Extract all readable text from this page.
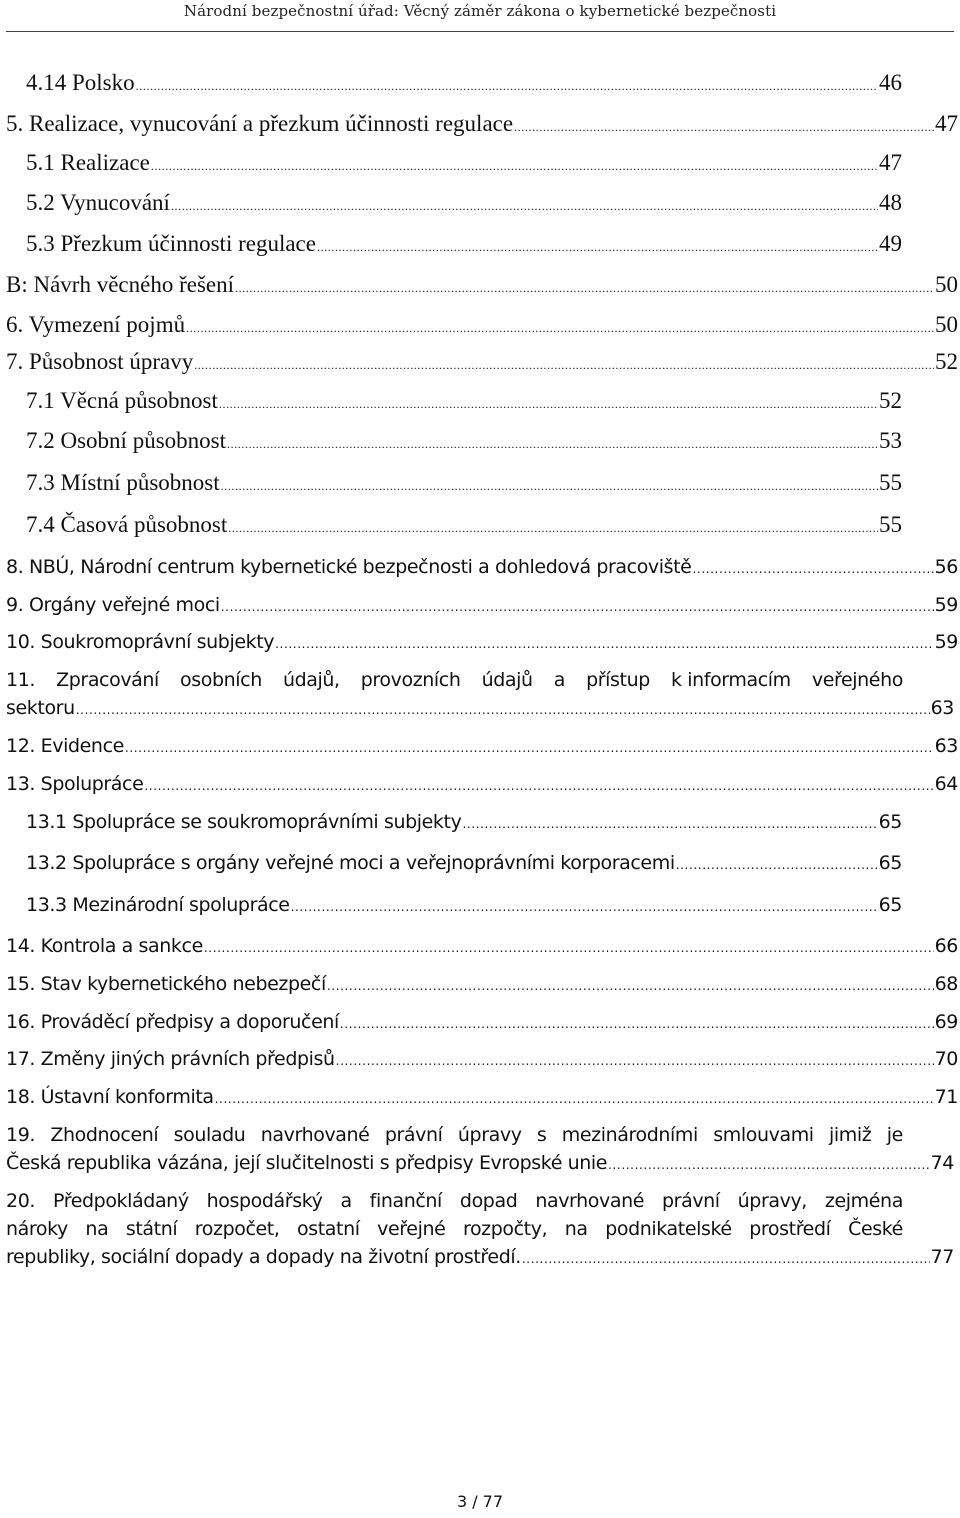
Národní bezpečnostní úřad: Věcný záměr zákona o kybernetické bezpečnosti
4.14 Polsko .....	46
5. Realizace, vynucování a přezkum účinnosti regulace .....	47
5.1 Realizace .....	47
5.2 Vynucování .....	48
5.3 Přezkum účinnosti regulace .....	49
B: Návrh věcného řešení .....	50
6. Vymezení pojmů .....	50
7. Působnost úpravy .....	52
7.1 Věcná působnost .....	52
7.2 Osobní působnost .....	53
7.3 Místní působnost .....	55
7.4 Časová působnost .....	55
8. NBÚ, Národní centrum kybernetické bezpečnosti a dohledová pracoviště .....	56
9. Orgány veřejné moci .....	59
10. Soukromoprávní subjekty .....	59
11. Zpracování osobních údajů, provozních údajů a přístup k informacím veřejného
sektoru .....	63
12. Evidence .....	63
13. Spolupráce .....	64
13.1 Spolupráce se soukromoprávními subjekty .....	65
13.2 Spolupráce s orgány veřejné moci a veřejnoprávními korporacemi .....	65
13.3 Mezinárodní spolupráce .....	65
14. Kontrola a sankce .....	66
15. Stav kybernetického nebezpečí .....	68
16. Prováděcí předpisy a doporučení .....	69
17. Změny jiných právních předpisů .....	70
18. Ústavní konformita .....	71
19. Zhodnocení souladu navrhované právní úpravy s mezinárodními smlouvami jimiž je
Česká republika vázána, její slučitelnosti s předpisy Evropské unie .....	74
20. Předpokládaný hospodářský a finanční dopad navrhované právní úpravy, zejména
nároky na státní rozpočet, ostatní veřejné rozpočty, na podnikatelské prostředí České
republiky, sociální dopady a dopady na životní prostředí. .....	77
3 / 77
